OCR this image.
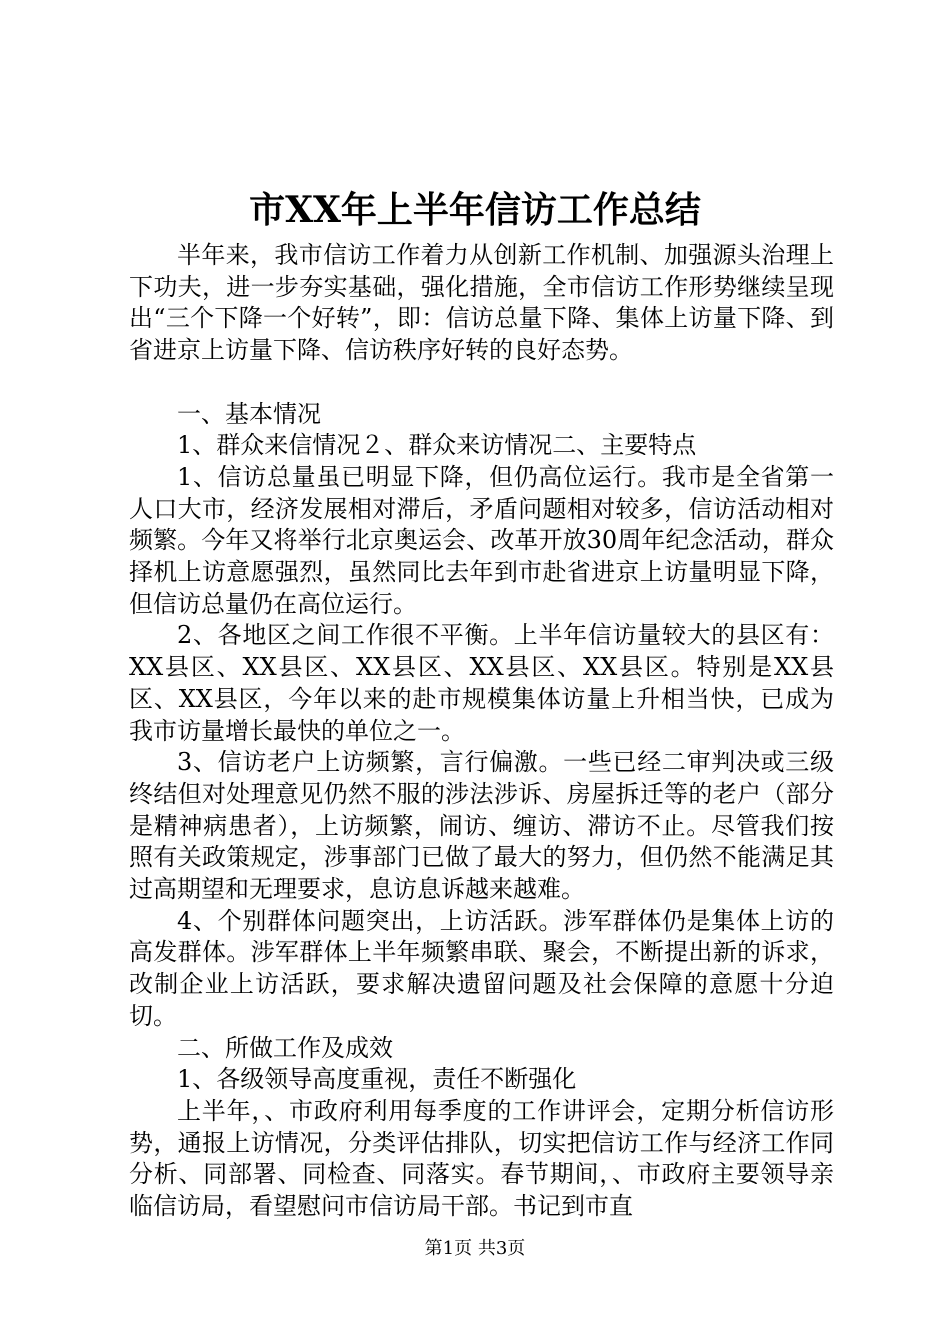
市XX年上半年信访工作总结

半年来，我市信访工作着力从创新工作机制、加强源头治理上下功夫，进一步夯实基础，强化措施，全市信访工作形势继续呈现出“三个下降一个好转”，即：信访总量下降、集体上访量下降、到省进京上访量下降、信访秩序好转的良好态势。

一、基本情况

1、群众来信情况２、群众来访情况二、主要特点

1、信访总量虽已明显下降，但仍高位运行。我市是全省第一人口大市，经济发展相对滞后，矛盾问题相对较多，信访活动相对频繁。今年又将举行北京奥运会、改革开放30周年纪念活动，群众择机上访意愿强烈，虽然同比去年到市赴省进京上访量明显下降，但信访总量仍在高位运行。

2、各地区之间工作很不平衡。上半年信访量较大的县区有：XX县区、XX县区、XX县区、XX县区、XX县区。特别是XX县区、XX县区，今年以来的赴市规模集体访量上升相当快，已成为我市访量增长最快的单位之一。

3、信访老户上访频繁，言行偏激。一些已经二审判决或三级终结但对处理意见仍然不服的涉法涉诉、房屋拆迁等的老户（部分是精神病患者），上访频繁，闹访、缠访、滞访不止。尽管我们按照有关政策规定，涉事部门已做了最大的努力，但仍然不能满足其过高期望和无理要求，息访息诉越来越难。

4、个别群体问题突出，上访活跃。涉军群体仍是集体上访的高发群体。涉军群体上半年频繁串联、聚会，不断提出新的诉求，改制企业上访活跃，要求解决遗留问题及社会保障的意愿十分迫切。

二、所做工作及成效

1、各级领导高度重视，责任不断强化

上半年，、市政府利用每季度的工作讲评会，定期分析信访形势，通报上访情况，分类评估排队，切实把信访工作与经济工作同分析、同部署、同检查、同落实。春节期间，、市政府主要领导亲临信访局，看望慰问市信访局干部。书记到市直

第1页 共3页
